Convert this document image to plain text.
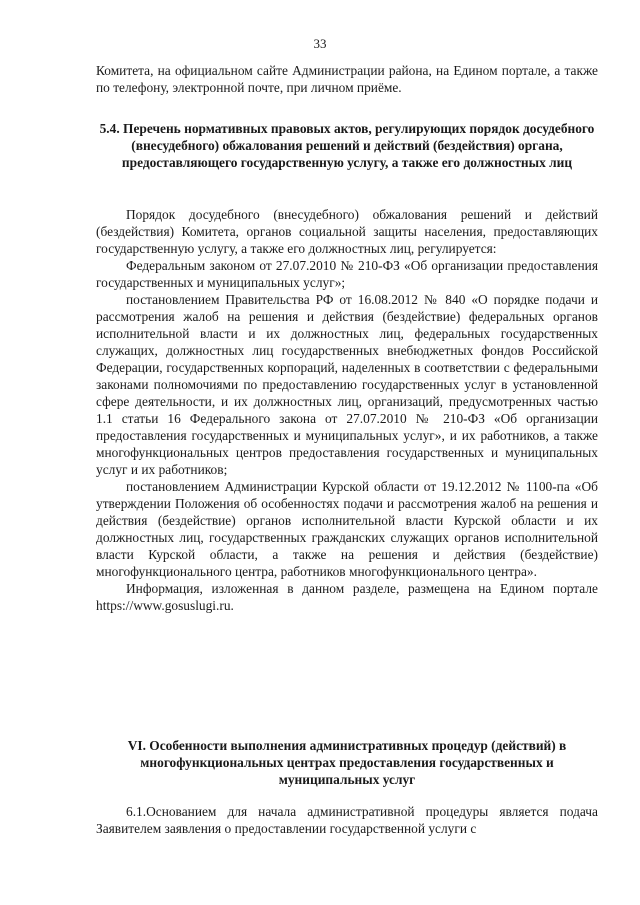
33

Комитета, на официальном сайте Администрации района, на Едином портале, а также по телефону, электронной почте, при личном приёме.

5.4. Перечень нормативных правовых актов, регулирующих порядок досудебного (внесудебного) обжалования решений и действий (бездействия) органа, предоставляющего государственную услугу, а также его должностных лиц

Порядок досудебного (внесудебного) обжалования решений и действий (бездействия) Комитета, органов социальной защиты населения, предоставляющих государственную услугу, а также его должностных лиц, регулируется:

Федеральным законом от 27.07.2010 № 210-ФЗ «Об организации предоставления государственных и муниципальных услуг»;

постановлением Правительства РФ от 16.08.2012 № 840 «О порядке подачи и рассмотрения жалоб на решения и действия (бездействие) федеральных органов исполнительной власти и их должностных лиц, федеральных государственных служащих, должностных лиц государственных внебюджетных фондов Российской Федерации, государственных корпораций, наделенных в соответствии с федеральными законами полномочиями по предоставлению государственных услуг в установленной сфере деятельности, и их должностных лиц, организаций, предусмотренных частью 1.1 статьи 16 Федерального закона от 27.07.2010 № 210-ФЗ «Об организации предоставления государственных и муниципальных услуг», и их работников, а также многофункциональных центров предоставления государственных и муниципальных услуг и их работников;

постановлением Администрации Курской области от 19.12.2012 № 1100-па «Об утверждении Положения об особенностях подачи и рассмотрения жалоб на решения и действия (бездействие) органов исполнительной власти Курской области и их должностных лиц, государственных гражданских служащих органов исполнительной власти Курской области, а также на решения и действия (бездействие) многофункционального центра, работников многофункционального центра».

Информация, изложенная в данном разделе, размещена на Едином портале https://www.gosuslugi.ru.

VI. Особенности выполнения административных процедур (действий) в многофункциональных центрах предоставления государственных и муниципальных услуг

6.1.Основанием для начала административной процедуры является подача Заявителем заявления о предоставлении государственной услуги с
